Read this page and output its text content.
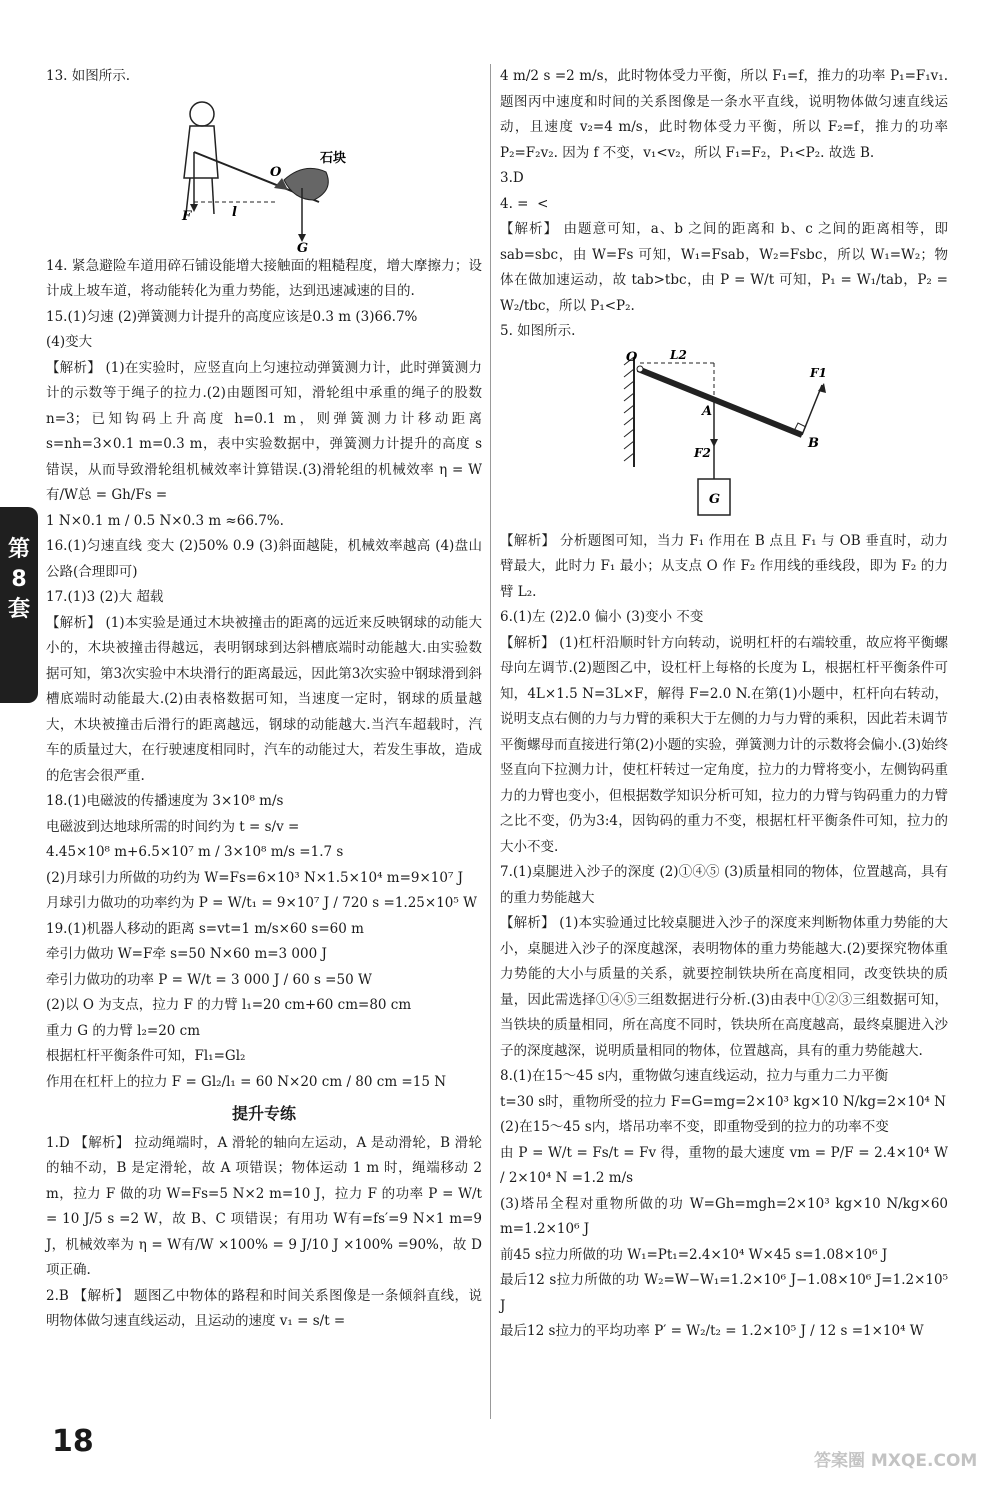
第
8
套

13. 如图所示.

石块
O
F	l
G

14. 紧急避险车道用碎石铺设能增大接触面的粗糙程度，增大摩擦力；设计成上坡车道，将动能转化为重力势能，达到迅速减速的目的.

15.(1)匀速 (2)弹簧测力计提升的高度应该是0.3 m (3)66.7%
(4)变大
【解析】 (1)在实验时，应竖直向上匀速拉动弹簧测力计，此时弹簧测力计的示数等于绳子的拉力.(2)由题图可知，滑轮组中承重的绳子的股数 n=3；已知钩码上升高度 h=0.1 m，则弹簧测力计移动距离 s=nh=3×0.1 m=0.3 m，表中实验数据中，弹簧测力计提升的高度 s 错误，从而导致滑轮组机械效率计算错误.(3)滑轮组的机械效率 η = W有/W总 = Gh/Fs =
1 N×0.1 m / 0.5 N×0.3 m ≈66.7%.

16.(1)匀速直线 变大 (2)50% 0.9 (3)斜面越陡，机械效率越高 (4)盘山公路(合理即可)

17.(1)3 (2)大 超载
【解析】 (1)本实验是通过木块被撞击的距离的远近来反映钢球的动能大小的，木块被撞击得越远，表明钢球到达斜槽底端时动能越大.由实验数据可知，第3次实验中木块滑行的距离最远，因此第3次实验中钢球滑到斜槽底端时动能最大.(2)由表格数据可知，当速度一定时，钢球的质量越大，木块被撞击后滑行的距离越远，钢球的动能越大.当汽车超载时，汽车的质量过大，在行驶速度相同时，汽车的动能过大，若发生事故，造成的危害会很严重.

18.(1)电磁波的传播速度为 3×10⁸ m/s
电磁波到达地球所需的时间约为 t = s/v =
4.45×10⁸ m+6.5×10⁷ m / 3×10⁸ m/s =1.7 s
(2)月球引力所做的功约为 W=Fs=6×10³ N×1.5×10⁴ m=9×10⁷ J
月球引力做功的功率约为 P = W/t₁ = 9×10⁷ J / 720 s =1.25×10⁵ W

19.(1)机器人移动的距离 s=vt=1 m/s×60 s=60 m
牵引力做功 W=F牵 s=50 N×60 m=3 000 J
牵引力做功的功率 P = W/t = 3 000 J / 60 s =50 W
(2)以 O 为支点，拉力 F 的力臂 l₁=20 cm+60 cm=80 cm
重力 G 的力臂 l₂=20 cm
根据杠杆平衡条件可知，Fl₁=Gl₂
作用在杠杆上的拉力 F = Gl₂/l₁ = 60 N×20 cm / 80 cm =15 N

提升专练

1.D 【解析】 拉动绳端时，A 滑轮的轴向左运动，A 是动滑轮，B 滑轮的轴不动，B 是定滑轮，故 A 项错误；物体运动 1 m 时，绳端移动 2 m，拉力 F 做的功 W=Fs=5 N×2 m=10 J，拉力 F 的功率 P = W/t = 10 J/5 s =2 W，故 B、C 项错误；有用功 W有=fs′=9 N×1 m=9 J，机械效率为 η = W有/W ×100% = 9 J/10 J ×100% =90%，故 D 项正确.

2.B 【解析】 题图乙中物体的路程和时间关系图像是一条倾斜直线，说明物体做匀速直线运动，且运动的速度 v₁ = s/t =

4 m/2 s =2 m/s，此时物体受力平衡，所以 F₁=f，推力的功率 P₁=F₁v₁. 题图丙中速度和时间的关系图像是一条水平直线，说明物体做匀速直线运动，且速度 v₂=4 m/s，此时物体受力平衡，所以 F₂=f，推力的功率 P₂=F₂v₂. 因为 f 不变，v₁<v₂，所以 F₁=F₂，P₁<P₂. 故选 B.

3.D

4. =  <
【解析】 由题意可知，a、b 之间的距离和 b、c 之间的距离相等，即 sab=sbc，由 W=Fs 可知，W₁=Fsab，W₂=Fsbc，所以 W₁=W₂；物体在做加速运动，故 tab>tbc，由 P = W/t 可知，P₁ = W₁/tab，P₂ = W₂/tbc，所以 P₁<P₂.

5. 如图所示.

O	L2
F1
A
F2
B
G

【解析】 分析题图可知，当力 F₁ 作用在 B 点且 F₁ 与 OB 垂直时，动力臂最大，此时力 F₁ 最小；从支点 O 作 F₂ 作用线的垂线段，即为 F₂ 的力臂 L₂.

6.(1)左 (2)2.0 偏小 (3)变小 不变
【解析】 (1)杠杆沿顺时针方向转动，说明杠杆的右端较重，故应将平衡螺母向左调节.(2)题图乙中，设杠杆上每格的长度为 L，根据杠杆平衡条件可知，4L×1.5 N=3L×F，解得 F=2.0 N.在第(1)小题中，杠杆向右转动，说明支点右侧的力与力臂的乘积大于左侧的力与力臂的乘积，因此若未调节平衡螺母而直接进行第(2)小题的实验，弹簧测力计的示数将会偏小.(3)始终竖直向下拉测力计，使杠杆转过一定角度，拉力的力臂将变小，左侧钩码重力的力臂也变小，但根据数学知识分析可知，拉力的力臂与钩码重力的力臂之比不变，仍为3:4，因钩码的重力不变，根据杠杆平衡条件可知，拉力的大小不变.

7.(1)桌腿进入沙子的深度 (2)①④⑤ (3)质量相同的物体，位置越高，具有的重力势能越大
【解析】 (1)本实验通过比较桌腿进入沙子的深度来判断物体重力势能的大小，桌腿进入沙子的深度越深，表明物体的重力势能越大.(2)要探究物体重力势能的大小与质量的关系，就要控制铁块所在高度相同，改变铁块的质量，因此需选择①④⑤三组数据进行分析.(3)由表中①②③三组数据可知，当铁块的质量相同，所在高度不同时，铁块所在高度越高，最终桌腿进入沙子的深度越深，说明质量相同的物体，位置越高，具有的重力势能越大.

8.(1)在15～45 s内，重物做匀速直线运动，拉力与重力二力平衡
t=30 s时，重物所受的拉力 F=G=mg=2×10³ kg×10 N/kg=2×10⁴ N
(2)在15～45 s内，塔吊功率不变，即重物受到的拉力的功率不变
由 P = W/t = Fs/t = Fv 得，重物的最大速度 vm = P/F = 2.4×10⁴ W / 2×10⁴ N =1.2 m/s
(3)塔吊全程对重物所做的功 W=Gh=mgh=2×10³ kg×10 N/kg×60 m=1.2×10⁶ J
前45 s拉力所做的功 W₁=Pt₁=2.4×10⁴ W×45 s=1.08×10⁶ J
最后12 s拉力所做的功 W₂=W−W₁=1.2×10⁶ J−1.08×10⁶ J=1.2×10⁵ J
最后12 s拉力的平均功率 P′ = W₂/t₂ = 1.2×10⁵ J / 12 s =1×10⁴ W

18
答案圈 MXQE.COM
